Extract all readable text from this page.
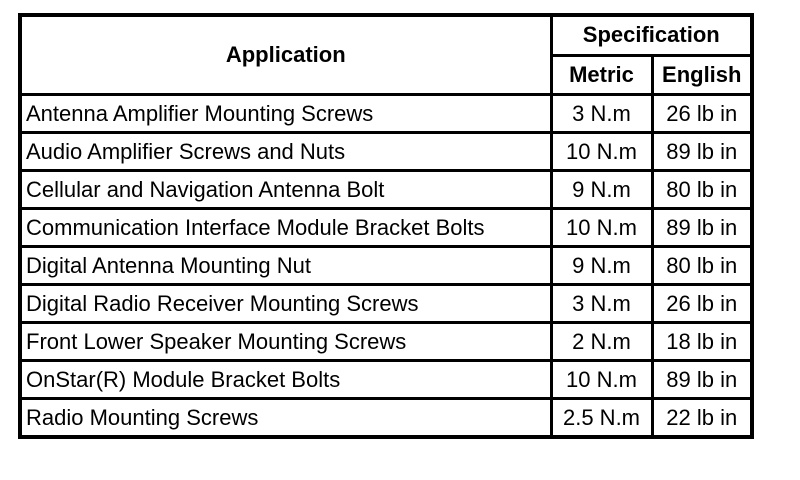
Application	Specification	
	Metric	English
Antenna Amplifier Mounting Screws	3 N.m	26 lb in
Audio Amplifier Screws and Nuts	10 N.m	89 lb in
Cellular and Navigation Antenna Bolt	9 N.m	80 lb in
Communication Interface Module Bracket Bolts	10 N.m	89 lb in
Digital Antenna Mounting Nut	9 N.m	80 lb in
Digital Radio Receiver Mounting Screws	3 N.m	26 lb in
Front Lower Speaker Mounting Screws	2 N.m	18 lb in
OnStar(R) Module Bracket Bolts	10 N.m	89 lb in
Radio Mounting Screws	2.5 N.m	22 lb in
